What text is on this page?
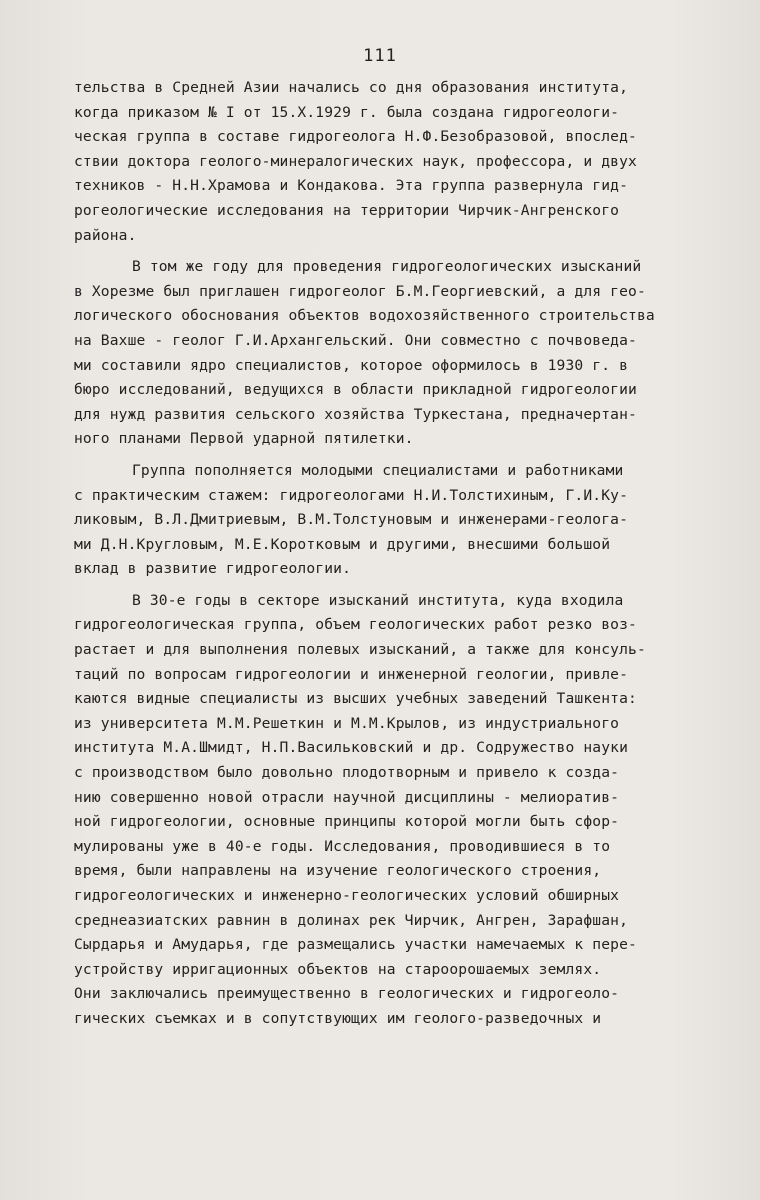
111
тельства в Средней Азии начались со дня образования института,
когда приказом № I от 15.X.1929 г. была создана гидрогеологи-
ческая группа в составе гидрогеолога Н.Ф.Безобразовой, впослед-
ствии доктора геолого-минералогических наук, профессора, и двух
техников - Н.Н.Храмова и Кондакова. Эта группа развернула гид-
рогеологические исследования на территории Чирчик-Ангренского
района.
В том же году для проведения гидрогеологических изысканий
в Хорезме был приглашен гидрогеолог Б.М.Георгиевский, а для гео-
логического обоснования объектов водохозяйственного строительства
на Вахше - геолог Г.И.Архангельский. Они совместно с почвоведа-
ми составили ядро специалистов, которое оформилось в 1930 г. в
бюро исследований, ведущихся в области прикладной гидрогеологии
для нужд развития сельского хозяйства Туркестана, предначертан-
ного планами Первой ударной пятилетки.
Группа пополняется молодыми специалистами и работниками
с практическим стажем: гидрогеологами Н.И.Толстихиным, Г.И.Ку-
ликовым, В.Л.Дмитриевым, В.М.Толстуновым и инженерами-геолога-
ми Д.Н.Кругловым, М.Е.Коротковым и другими, внесшими большой
вклад в развитие гидрогеологии.
В 30-е годы в секторе изысканий института, куда входила
гидрогеологическая группа, объем геологических работ резко воз-
растает и для выполнения полевых изысканий, а также для консуль-
таций по вопросам гидрогеологии и инженерной геологии, привле-
каются видные специалисты из высших учебных заведений Ташкента:
из университета М.М.Решеткин и М.М.Крылов, из индустриального
института М.А.Шмидт, Н.П.Васильковский и др. Содружество науки
с производством было довольно плодотворным и привело к созда-
нию совершенно новой отрасли научной дисциплины - мелиоратив-
ной гидрогеологии, основные принципы которой могли быть сфор-
мулированы уже в 40-е годы. Исследования, проводившиеся в то
время, были направлены на изучение геологического строения,
гидрогеологических и инженерно-геологических условий обширных
среднеазиатских равнин в долинах рек Чирчик, Ангрен, Зарафшан,
Сырдарья и Амударья, где размещались участки намечаемых к пере-
устройству ирригационных объектов на староорошаемых землях.
Они заключались преимущественно в геологических и гидрогеоло-
гических съемках и в сопутствующих им геолого-разведочных и
